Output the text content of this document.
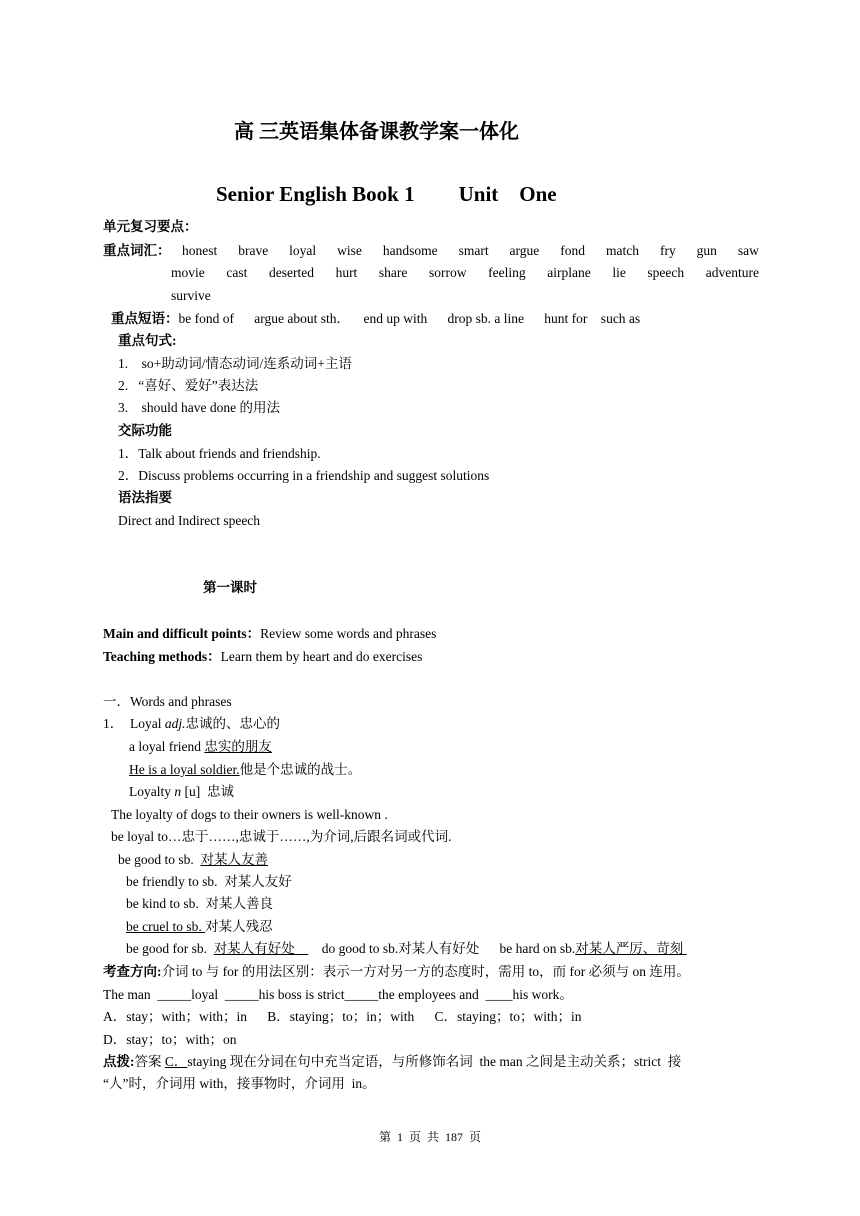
高 三英语集体备课教学案一体化
Senior English Book 1 Unit    One
单元复习要点：
重点词汇： honest brave loyal wise handsome smart argue fond match fry gun saw
movie cast deserted hurt share sorrow feeling airplane lie speech adventure
survive
重点短语：be fond of      argue about sth．    end up with      drop sb. a line      hunt for    such as
重点句式:
1.    so+助动词/情态动词/连系动词+主语
2.   “喜好、爱好”表达法
3.    should have done 的用法
交际功能
1．Talk about friends and friendship.
2．Discuss problems occurring in a friendship and suggest solutions
语法指要
Direct and Indirect speech
第一课时
Main and difficult points：Review some words and phrases
Teaching methods：Learn them by heart and do exercises
一．Words and phrases
1．  Loyal adj.忠诚的、忠心的
a loyal friend 忠实的朋友
He is a loyal soldier.他是个忠诚的战士。
Loyalty n [u]  忠诚
The loyalty of dogs to their owners is well-known .
be loyal to…忠于……,忠诚于……,为介词,后跟名词或代词.
be good to sb.  对某人友善
be friendly to sb.  对某人友好
be kind to sb.  对某人善良
be cruel to sb. 对某人残忍
be good for sb.  对某人有好处        do good to sb.对某人有好处      be hard on sb.对某人严厉、苛刻
考查方向:介词 to 与 for 的用法区别：表示一方对另一方的态度时，需用 to，而 for 必须与 on 连用。
The man  _____loyal  _____his boss is strict_____the employees and  ____his work。
A．stay；with；with；in      B．staying；to；in；with      C．staying；to；with；in
D．stay；to；with；on
点拨:答案 C．staying 现在分词在句中充当定语，与所修饰名词  the man 之间是主动关系；strict  接
“人”时，介词用 with，接事物时，介词用  in。
第  1  页  共  187  页
